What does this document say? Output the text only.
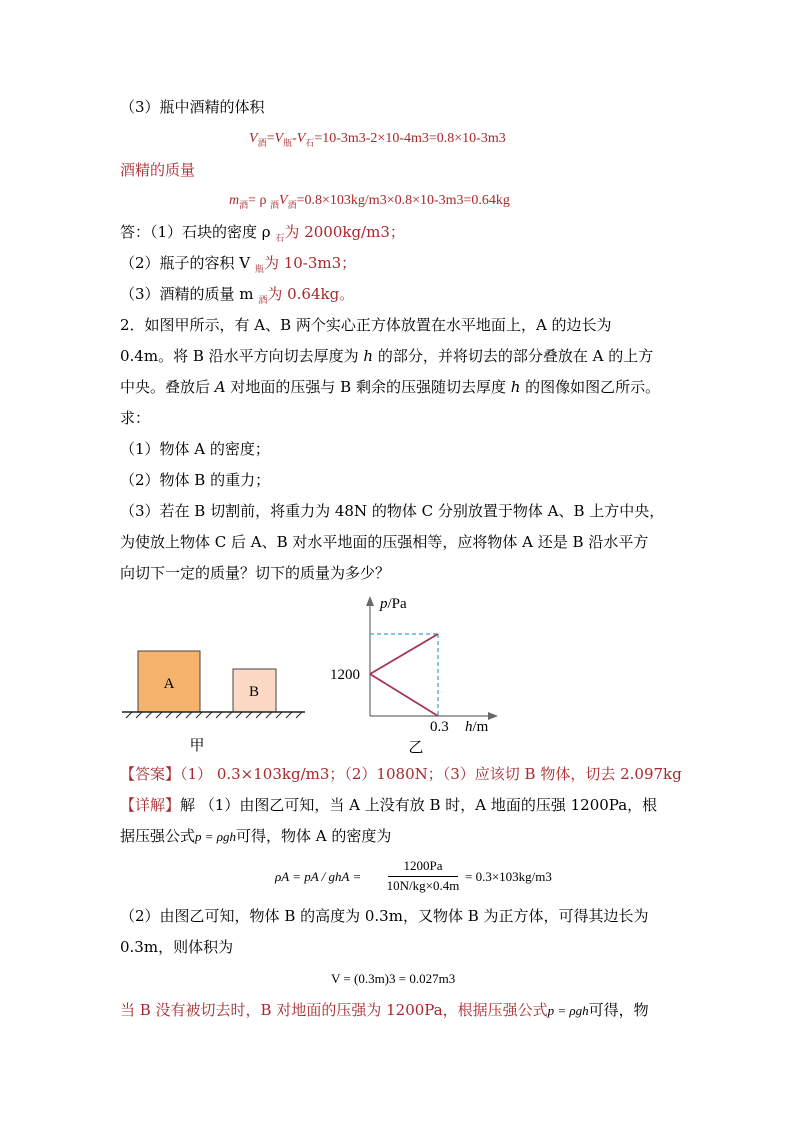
（3）瓶中酒精的体积
$V_酒=V_瓶-V_石=10-3m3-2\times 10-4m3=0.8\times 10-3m3$
酒精的质量
$m_酒= \rho$ $_酒V_酒=0.8\times 103kg/m3\times 0.8\times 10-3m3=0.64kg$
答：（1）石块的密度 ρ $_石$为 2000kg/m3；
（2）瓶子的容积 V $_瓶$为 10-3m3；
（3）酒精的质量 m $_酒$为 0.64kg。
2．如图甲所示，有 A、B 两个实心正方体放置在水平地面上，A 的边长为
0.4m。将 B 沿水平方向切去厚度为 h 的部分，并将切去的部分叠放在 A 的上方
中央。叠放后 A 对地面的压强与 B 剩余的压强随切去厚度 h 的图像如图乙所示。
求：
（1）物体 A 的密度；
（2）物体 B 的重力；
（3）若在 B 切割前，将重力为 48N 的物体 C 分别放置于物体 A、B 上方中央，
为使放上物体 C 后 A、B 对水平地面的压强相等，应将物体 A 还是 B 沿水平方
向切下一定的质量？切下的质量为多少？
A	B
甲
p/Pa
1200
0.3 h/m
乙
【答案】（1） 0.3×103kg/m3；（2）1080N；（3）应该切 B 物体，切去 2.097kg
【详解】解 （1）由图乙可知，当 A 上没有放 B 时，A 地面的压强 1200Pa，根
据压强公式p = ρgh可得，物体 A 的密度为
ρA = pA / ghA =
1200Pa
10N/kg×0.4m
= 0.3×103kg/m3
（2）由图乙可知，物体 B 的高度为 0.3m，又物体 B 为正方体，可得其边长为
0.3m，则体积为
V = (0.3m)3 = 0.027m3
当 B 没有被切去时，B 对地面的压强为 1200Pa，根据压强公式p = ρgh可得，物
